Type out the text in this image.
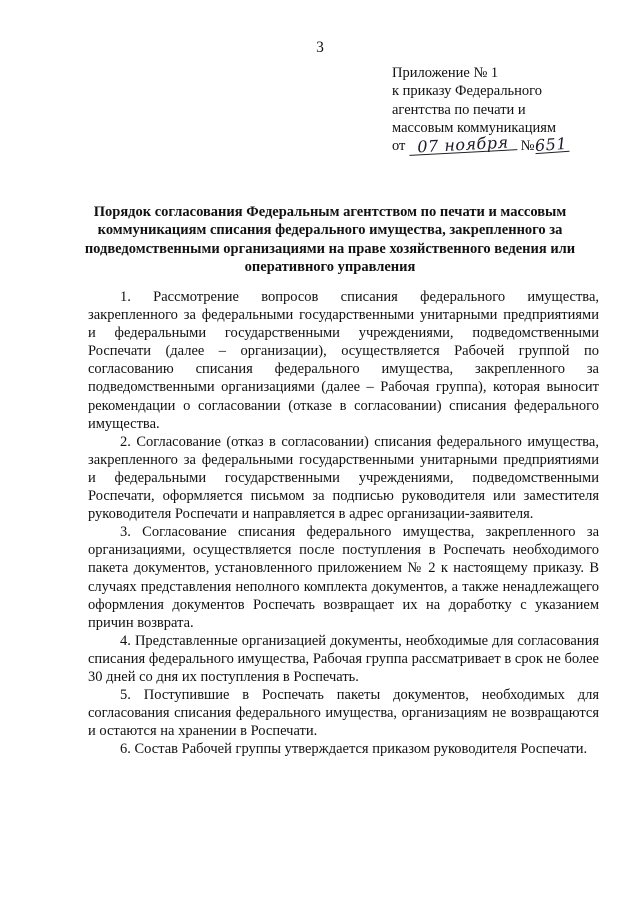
3
Приложение № 1
к приказу Федерального
агентства по печати и
массовым коммуникациям
от 07 ноября №651
Порядок согласования Федеральным агентством по печати и массовым коммуникациям списания федерального имущества, закрепленного за подведомственными организациями на праве хозяйственного ведения или оперативного управления

1. Рассмотрение вопросов списания федерального имущества, закрепленного за федеральными государственными унитарными предприятиями и федеральными государственными учреждениями, подведомственными Роспечати (далее – организации), осуществляется Рабочей группой по согласованию списания федерального имущества, закрепленного за подведомственными организациями (далее – Рабочая группа), которая выносит рекомендации о согласовании (отказе в согласовании) списания федерального имущества.

2. Согласование (отказ в согласовании) списания федерального имущества, закрепленного за федеральными государственными унитарными предприятиями и федеральными государственными учреждениями, подведомственными Роспечати, оформляется письмом за подписью руководителя или заместителя руководителя Роспечати и направляется в адрес организации-заявителя.

3. Согласование списания федерального имущества, закрепленного за организациями, осуществляется после поступления в Роспечать необходимого пакета документов, установленного приложением № 2 к настоящему приказу. В случаях представления неполного комплекта документов, а также ненадлежащего оформления документов Роспечать возвращает их на доработку с указанием причин возврата.

4. Представленные организацией документы, необходимые для согласования списания федерального имущества, Рабочая группа рассматривает в срок не более 30 дней со дня их поступления в Роспечать.

5. Поступившие в Роспечать пакеты документов, необходимых для согласования списания федерального имущества, организациям не возвращаются и остаются на хранении в Роспечати.

6. Состав Рабочей группы утверждается приказом руководителя Роспечати.
